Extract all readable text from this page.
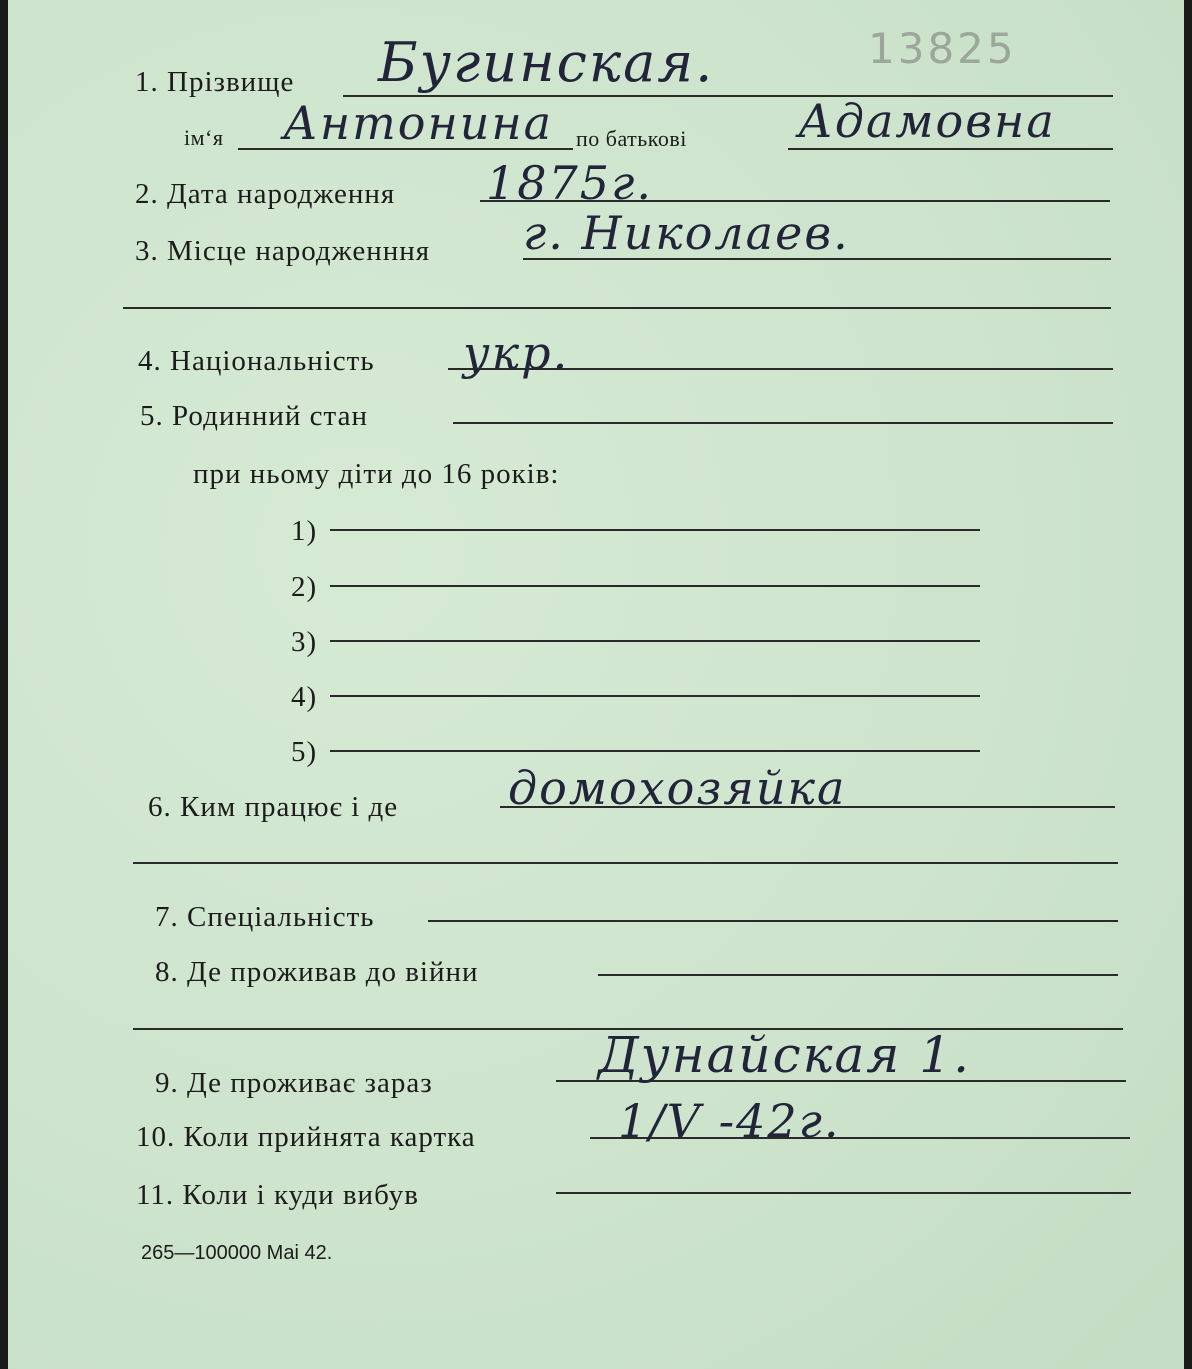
1. Прізвище Бугинская.	13825
ім‘я Антонина по батькові Адамовна
2. Дата народження 1875г.
3. Місце народженння г. Николаев.
4. Національність укр.
5. Родинний стан
при ньому діти до 16 років:
1)
2)
3)
4)
5)
6. Ким працює і де домохозяйка
7. Спеціальність
8. Де проживав до війни
9. Де проживає зараз	Дунайская 1.
10. Коли прийнята картка	1/V -42г.
11. Коли і куди вибув
265—100000 Mai 42.
